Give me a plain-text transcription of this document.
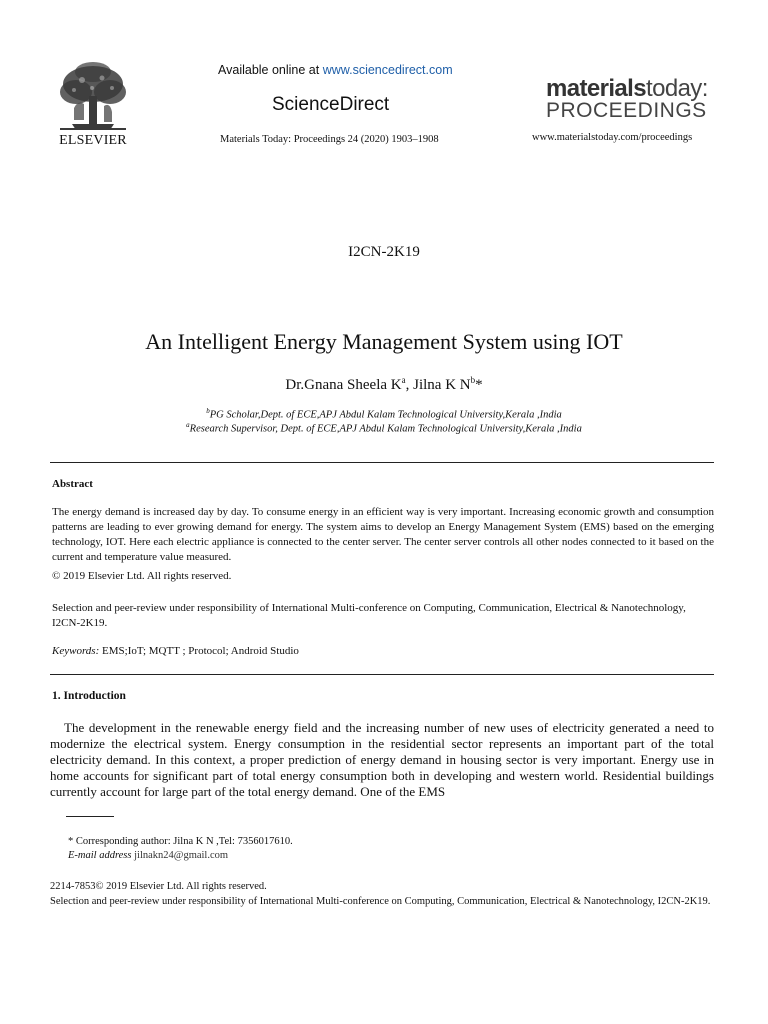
ELSEVIER
Available online at www.sciencedirect.com
ScienceDirect
Materials Today: Proceedings 24 (2020) 1903–1908
materialstoday:
PROCEEDINGS
www.materialstoday.com/proceedings
I2CN-2K19
An Intelligent Energy Management System using IOT
Dr.Gnana Sheela $K^a$, Jilna K $N^b*$
$^b$PG Scholar,Dept. of ECE,APJ Abdul Kalam Technological University,Kerala ,India
$^a$Research Supervisor, Dept. of ECE,APJ Abdul Kalam Technological University,Kerala ,India
Abstract
The energy demand is increased day by day. To consume energy in an efficient way is very important. Increasing economic growth and consumption patterns are leading to ever growing demand for energy. The system aims to develop an Energy Management System (EMS) based on the emerging technology, IOT. Here each electric appliance is connected to the center server. The center server controls all other nodes connected to it based on the current and temperature value measured.
© 2019 Elsevier Ltd. All rights reserved.
Selection and peer-review under responsibility of International Multi-conference on Computing, Communication, Electrical & Nanotechnology, I2CN-2K19.
Keywords: EMS;IoT; MQTT ; Protocol; Android Studio
1. Introduction
The development in the renewable energy field and the increasing number of new uses of electricity generated a need to modernize the electrical system. Energy consumption in the residential sector represents an important part of the total electricity demand. In this context, a proper prediction of energy demand in housing sector is very important. Energy use in home accounts for significant part of total energy consumption both in developing and western world. Residential buildings currently account for large part of the total energy demand. One of the EMS
* Corresponding author: Jilna K N ,Tel: 7356017610.
E-mail address jilnakn24@gmail.com
2214-7853© 2019 Elsevier Ltd. All rights reserved.
Selection and peer-review under responsibility of International Multi-conference on Computing, Communication, Electrical & Nanotechnology, I2CN-2K19.
